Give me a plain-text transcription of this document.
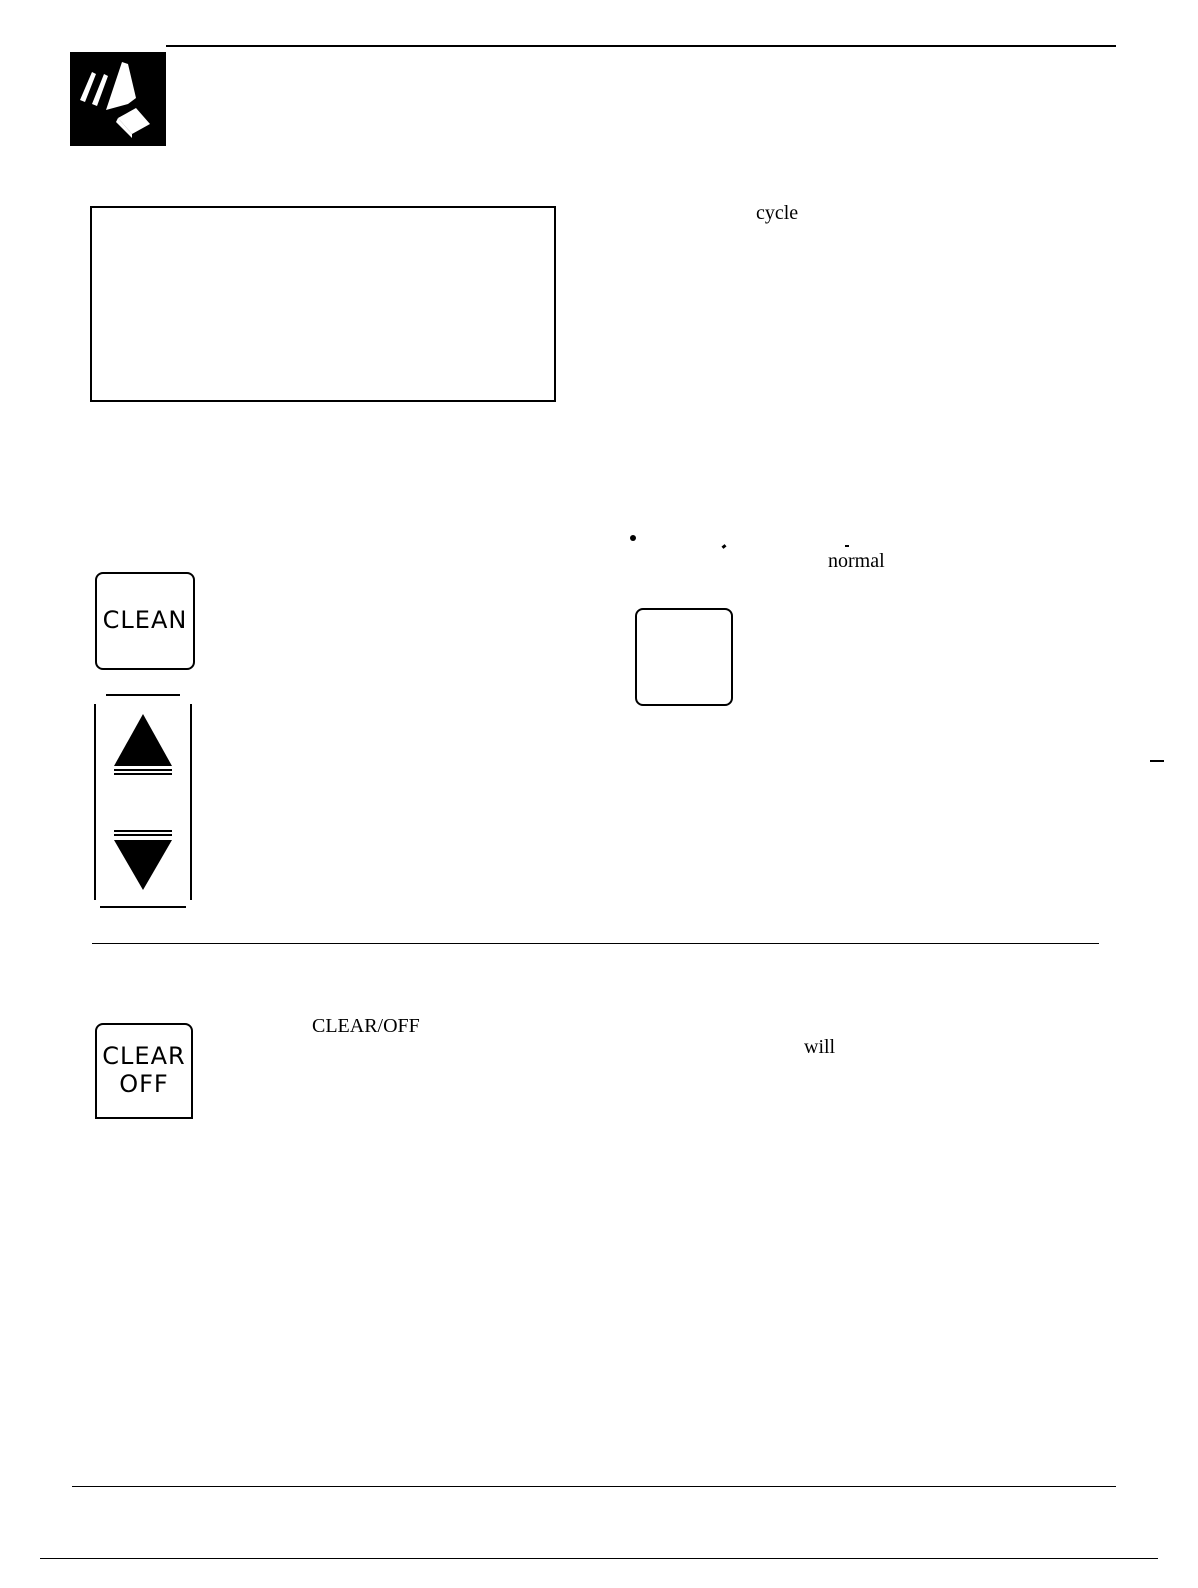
cycle
normal
CLEAR/OFF
will
CLEAN
CLEAR
OFF
